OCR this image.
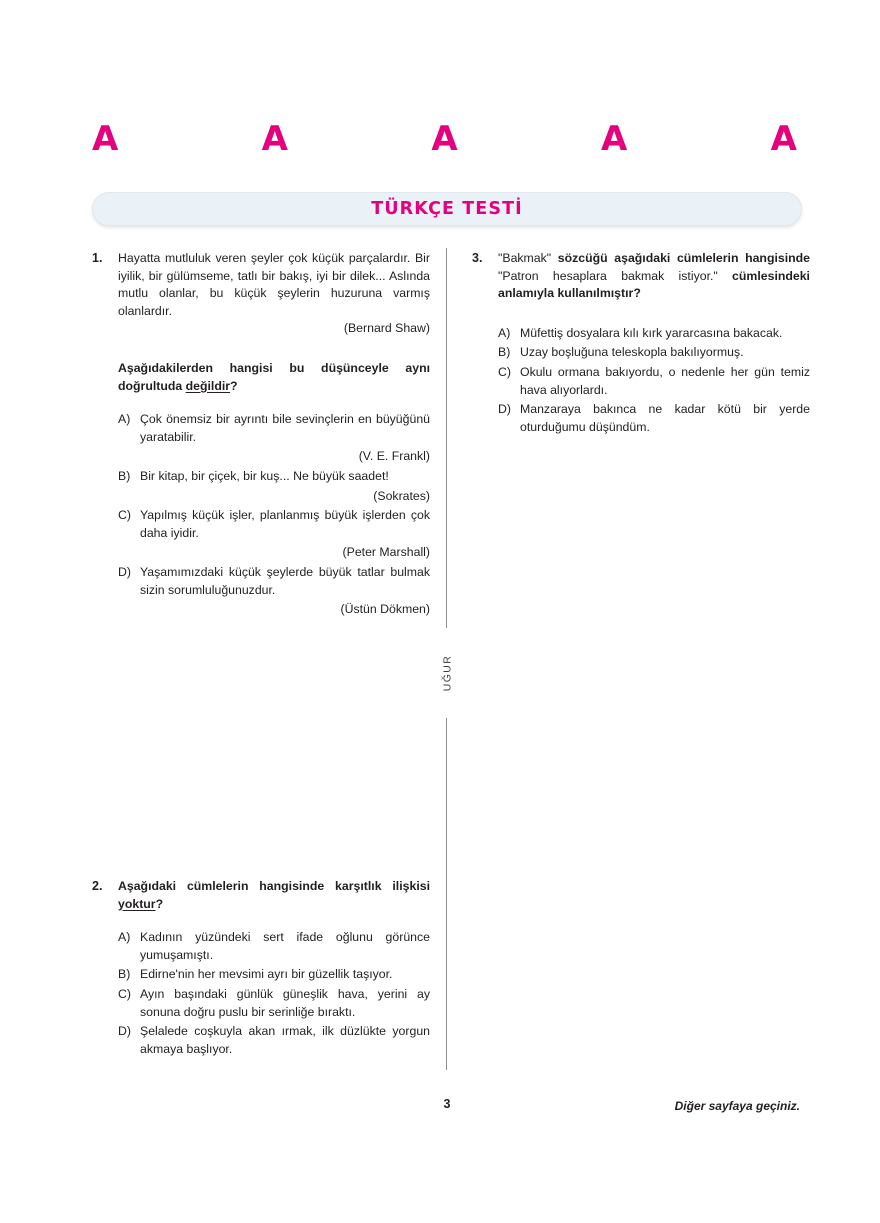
A	A	A	A	A
TÜRKÇE TESTİ
UĞUR
1.	Hayatta mutluluk veren şeyler çok küçük parçalardır. Bir iyilik, bir gülümseme, tatlı bir bakış, iyi bir dilek... Aslında mutlu olanlar, bu küçük şeylerin huzuruna varmış olanlardır.

(Bernard Shaw)

Aşağıdakilerden hangisi bu düşünceyle aynı doğrultuda değildir?

A) Çok önemsiz bir ayrıntı bile sevinçlerin en büyüğünü yaratabilir.

(V. E. Frankl)

B) Bir kitap, bir çiçek, bir kuş... Ne büyük saadet!

(Sokrates)

C) Yapılmış küçük işler, planlanmış büyük işlerden çok daha iyidir.

(Peter Marshall)

D) Yaşamımızdaki küçük şeylerde büyük tatlar bulmak sizin sorumluluğunuzdur.

(Üstün Dökmen)

2.	Aşağıdaki cümlelerin hangisinde karşıtlık ilişkisi yoktur?

A) Kadının yüzündeki sert ifade oğlunu görünce yumuşamıştı.
B) Edirne'nin her mevsimi ayrı bir güzellik taşıyor.
C) Ayın başındaki günlük güneşlik hava, yerini ay sonuna doğru puslu bir serinliğe bıraktı.
D) Şelalede coşkuyla akan ırmak, ilk düzlükte yorgun akmaya başlıyor.
3.	"Bakmak" sözcüğü aşağıdaki cümlelerin hangisinde "Patron hesaplara bakmak istiyor." cümlesindeki anlamıyla kullanılmıştır?

A) Müfettiş dosyalara kılı kırk yararcasına bakacak.
B) Uzay boşluğuna teleskopla bakılıyormuş.
C) Okulu ormana bakıyordu, o nedenle her gün temiz hava alıyorlardı.
D) Manzaraya bakınca ne kadar kötü bir yerde oturduğumu düşündüm.
3	Diğer sayfaya geçiniz.
